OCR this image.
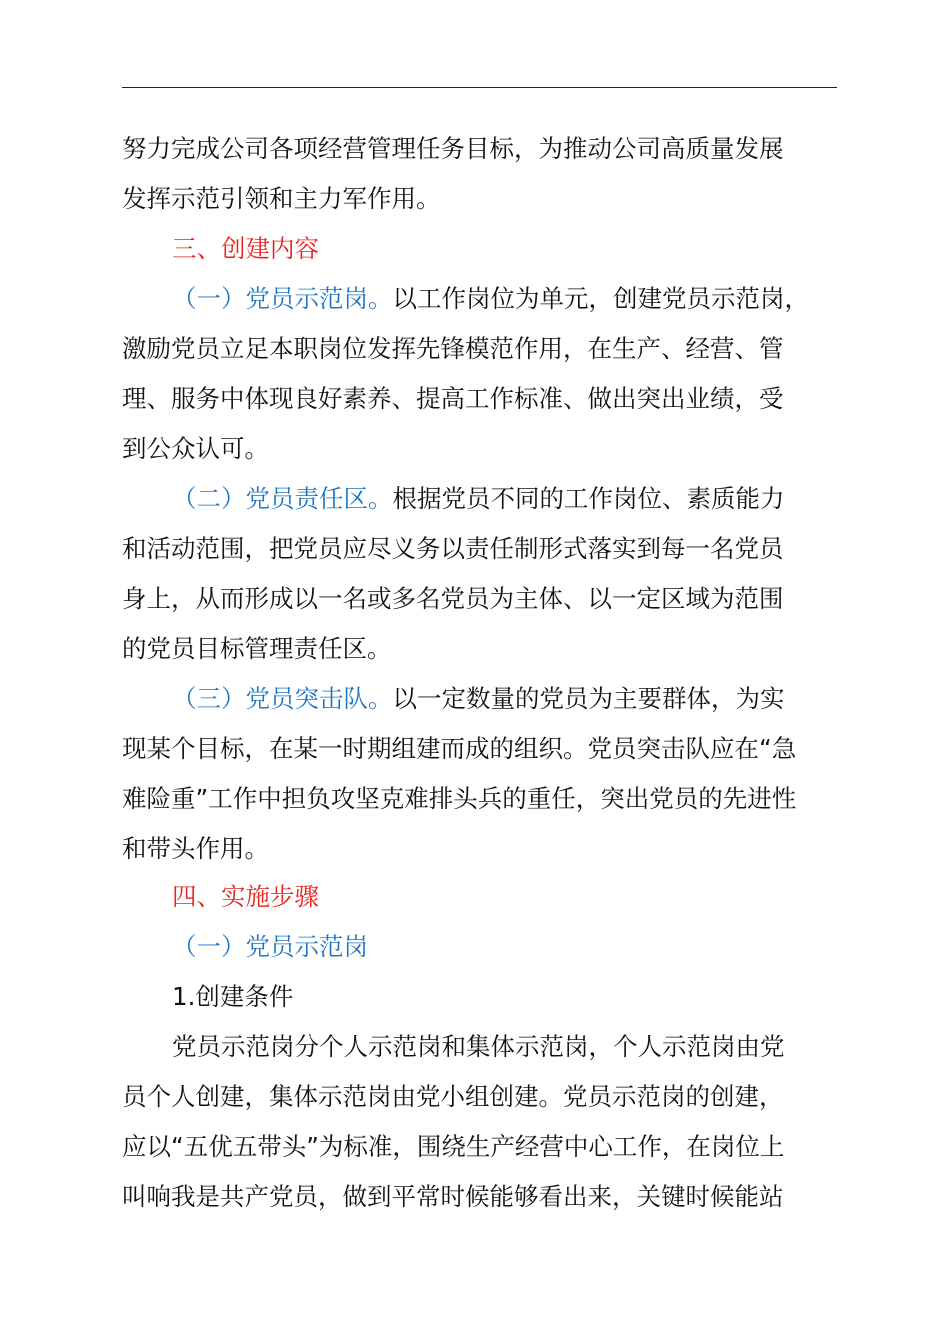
努力完成公司各项经营管理任务目标，为推动公司高质量发展
发挥示范引领和主力军作用。
三、创建内容
（一）党员示范岗。以工作岗位为单元，创建党员示范岗，
激励党员立足本职岗位发挥先锋模范作用，在生产、经营、管
理、服务中体现良好素养、提高工作标准、做出突出业绩，受
到公众认可。
（二）党员责任区。根据党员不同的工作岗位、素质能力
和活动范围，把党员应尽义务以责任制形式落实到每一名党员
身上，从而形成以一名或多名党员为主体、以一定区域为范围
的党员目标管理责任区。
（三）党员突击队。以一定数量的党员为主要群体，为实
现某个目标，在某一时期组建而成的组织。党员突击队应在“急
难险重”工作中担负攻坚克难排头兵的重任，突出党员的先进性
和带头作用。
四、实施步骤
（一）党员示范岗
1.创建条件
党员示范岗分个人示范岗和集体示范岗，个人示范岗由党
员个人创建，集体示范岗由党小组创建。党员示范岗的创建，
应以“五优五带头”为标准，围绕生产经营中心工作，在岗位上
叫响我是共产党员，做到平常时候能够看出来，关键时候能站
